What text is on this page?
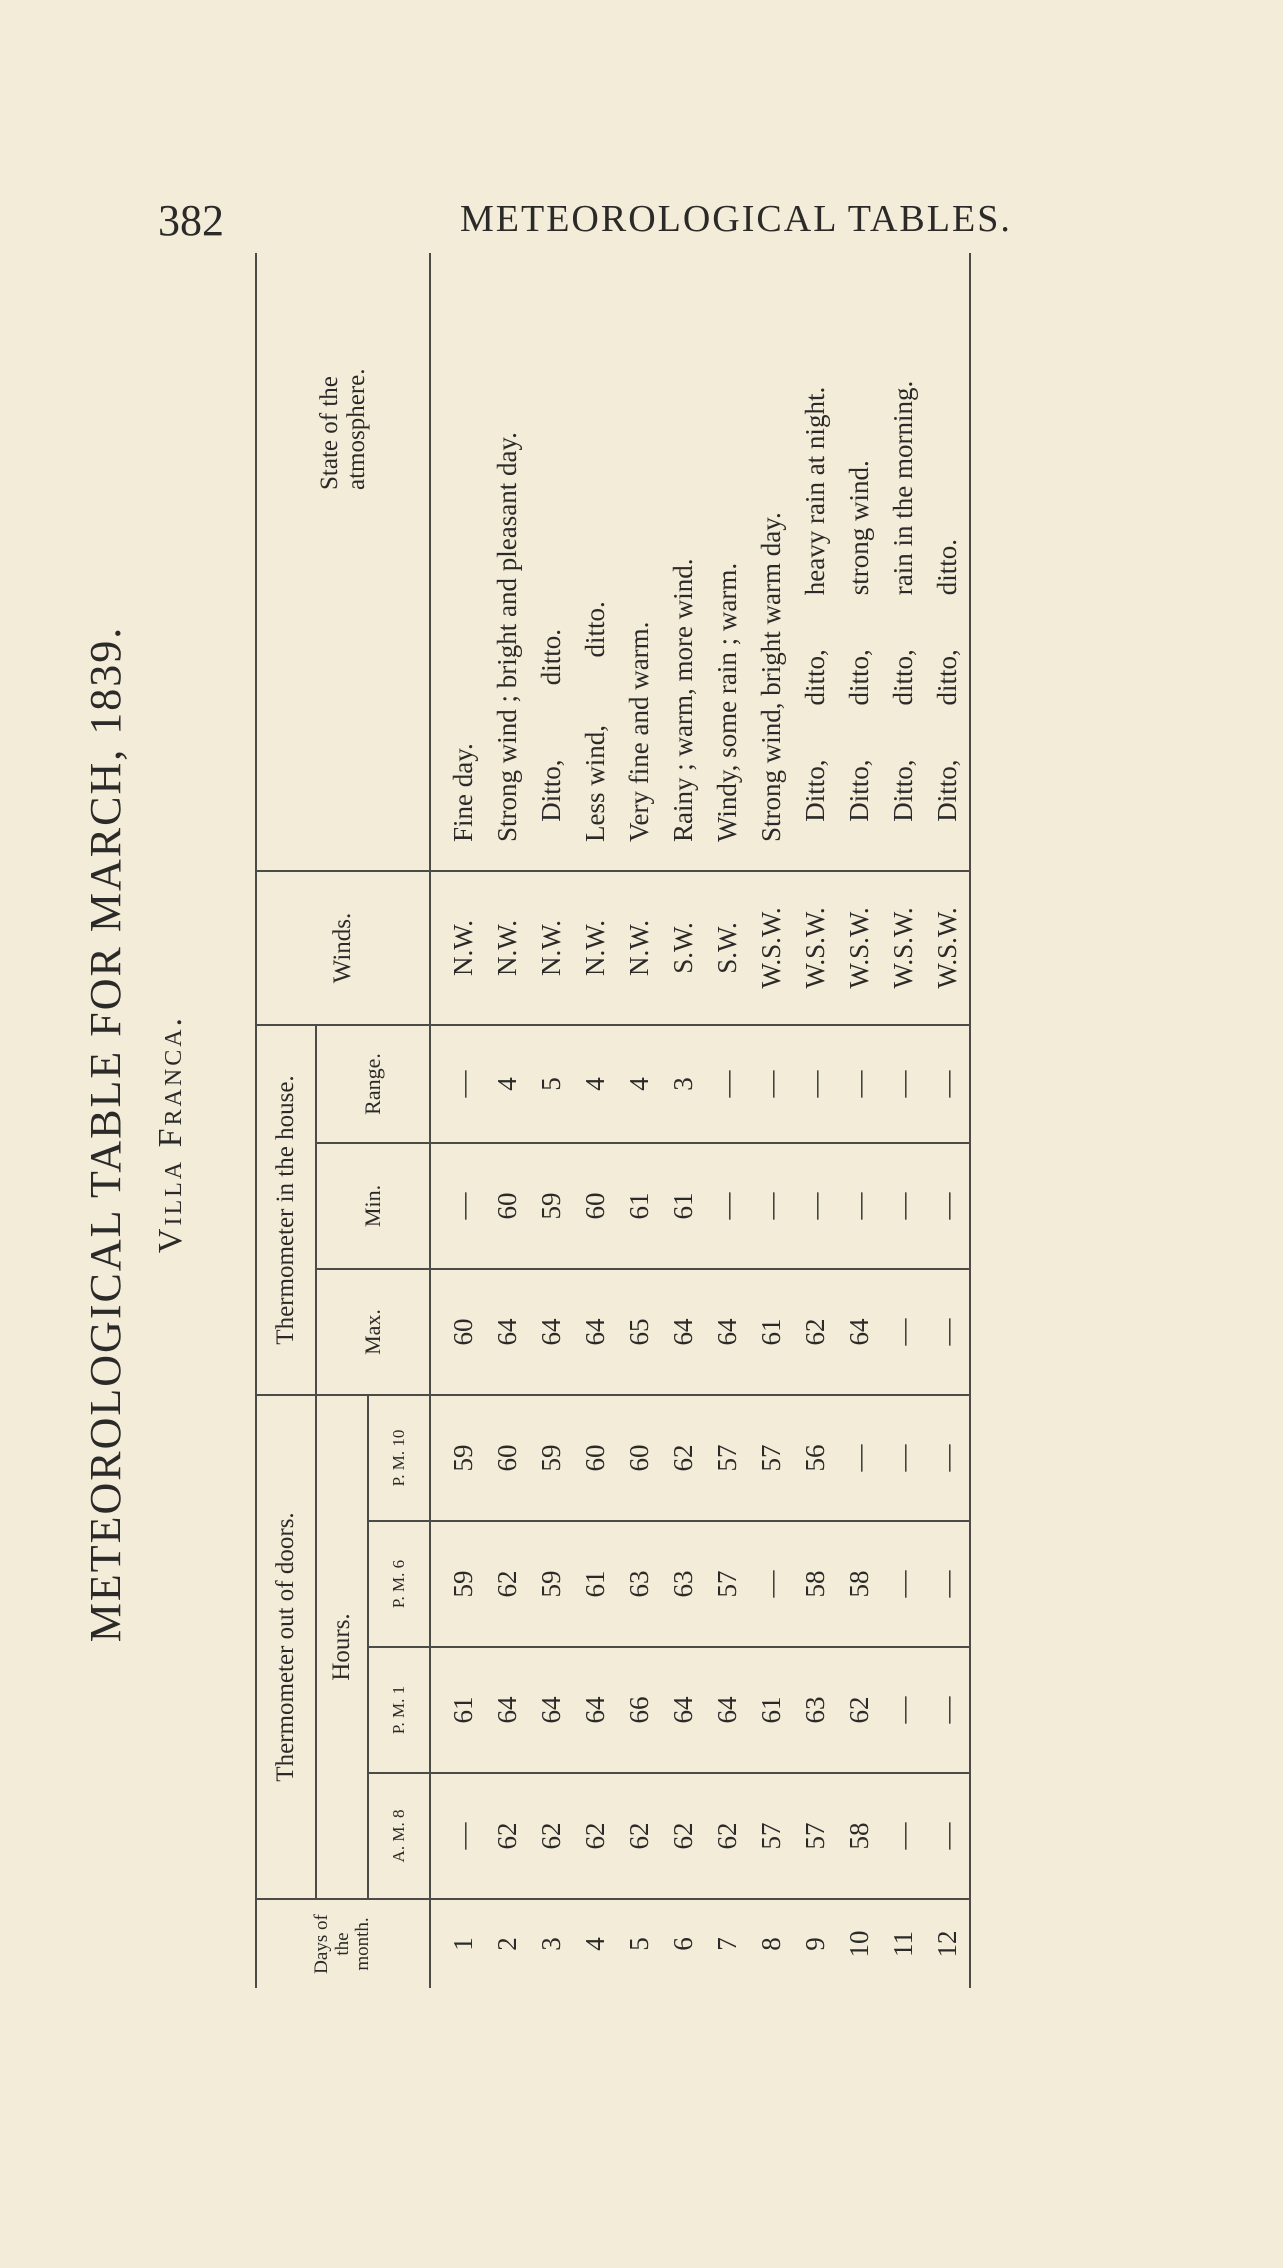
382	METEOROLOGICAL TABLES.
METEOROLOGICAL TABLE FOR MARCH, 1839. Villa Franca.
Days of the month.	Thermometer out of doors.				Thermometer in the house.			Winds.	State of the atmosphere.
	Hours.				Max.	Min.	Range.		
	A. M. 8	P. M. 1	P. M. 6	P. M. 10					
1	—	61	59	59	60	—	—	N.W.	Fine day.
2	62	64	62	60	64	60	4	N.W.	Strong wind ; bright and pleasant day.
3	62	64	59	59	64	59	5	N.W.	Ditto,           ditto.
4	62	64	61	60	64	60	4	N.W.	Less wind,          ditto.
5	62	66	63	60	65	61	4	N.W.	Very fine and warm.
6	62	64	63	62	64	61	3	S.W.	Rainy ; warm, more wind.
7	62	64	57	57	64	—	—	S.W.	Windy, some rain ; warm.
8	57	61	—	57	61	—	—	W.S.W.	Strong wind, bright warm day.
9	57	63	58	56	62	—	—	W.S.W.	Ditto,        ditto,        heavy rain at night.
10	58	62	58	—	64	—	—	W.S.W.	Ditto,        ditto,        strong wind.
11	—	—	—	—	—	—	—	W.S.W.	Ditto,        ditto,        rain in the morning.
12	—	—	—	—	—	—	—	W.S.W.	Ditto,        ditto,        ditto.
